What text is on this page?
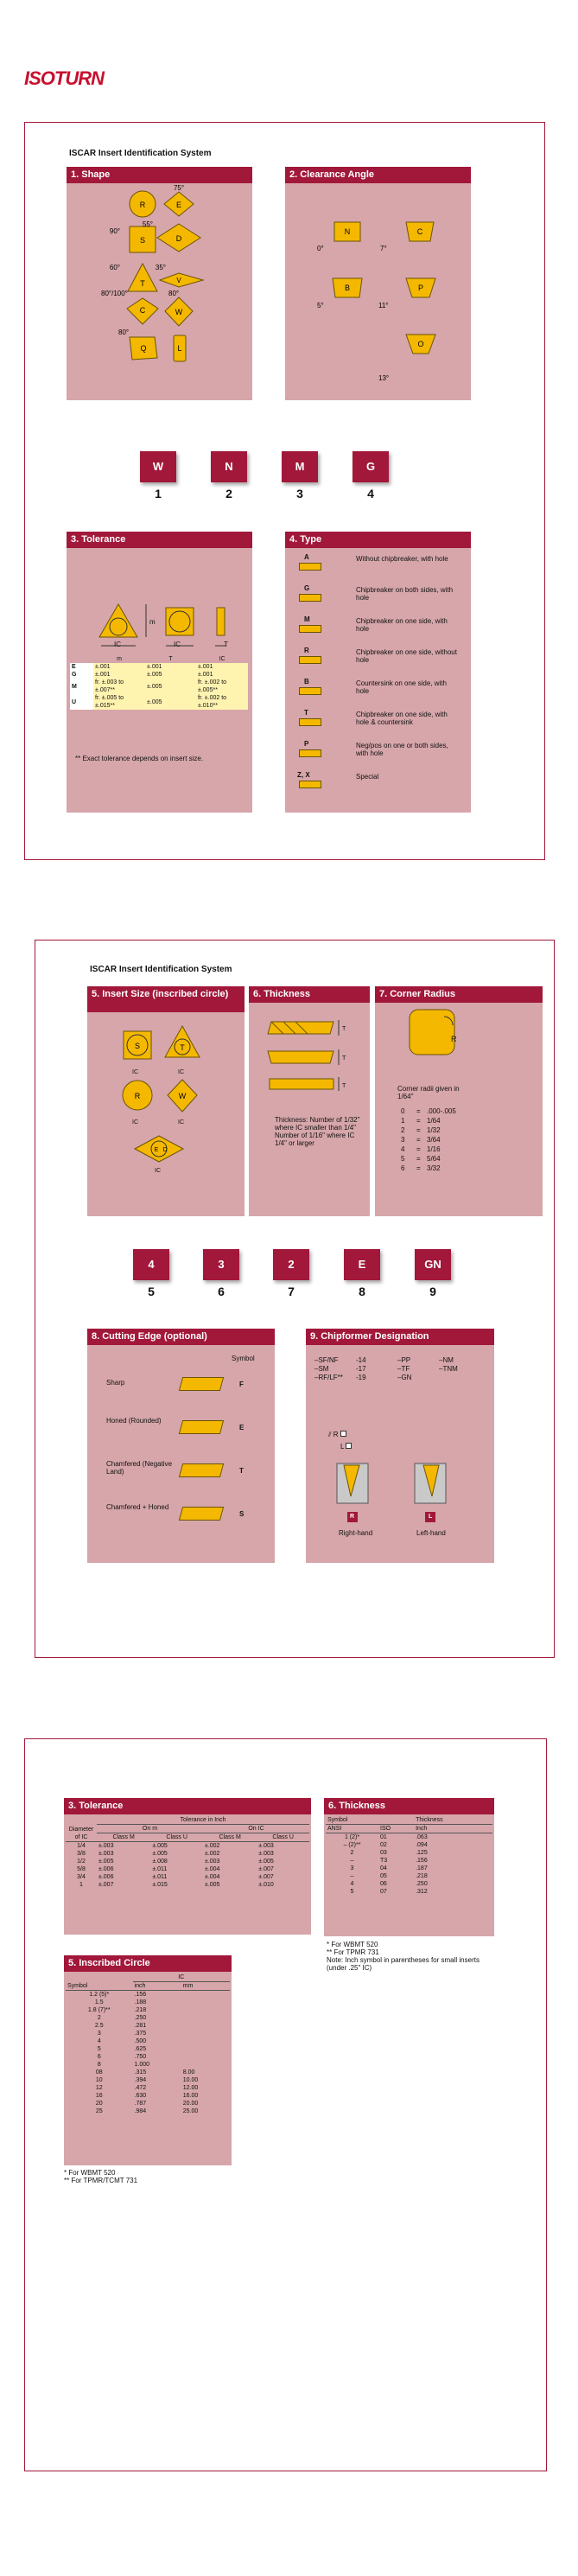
ISOTURN
ISCAR Insert Identification System
1. Shape
R	E
75°
S
90°
D
55°
T
60°
V
35°
C
80°/100°
W
80°
Q
80°
L
2. Clearance Angle
N
0°
C
7°
B
5°
P
11°
O
13°
W
1
N
2
M
3
G
4
3. Tolerance
m
IC	IC	T
	m	T	IC
E	±.001	±.001	±.001
G	±.001	±.005	±.001
M	fr. ±.003 to ±.007**	±.005	fr. ±.002 to ±.005**
U	fr. ±.005 to ±.015**	±.005	fr. ±.002 to ±.010**
** Exact tolerance depends on insert size.
4. Type
A	Without chipbreaker, with hole
G	Chipbreaker on both sides, with hole
M	Chipbreaker on one side, with hole
R	Chipbreaker on one side, without hole
B	Countersink on one side, with hole
T	Chipbreaker on one side, with hole & countersink
P	Neg/pos on one or both sides, with hole
Z, X	Special
ISCAR Insert Identification System
5. Insert Size (inscribed circle)
S	T
R	W
E D
IC	IC
IC	IC
IC
6. Thickness
T
T
T
Thickness: Number of 1/32" where IC smaller than 1/4" Number of 1/16" where IC 1/4" or larger
7. Corner Radius
R
Corner radii given in 1/64"
0 = .000-.005
1 = 1/64
2 = 1/32
3 = 3/64
4 = 1/16
5 = 5/64
6 = 3/32
4
5
3
6
2
7
E
8
GN
9
8. Cutting Edge (optional)
Symbol
Sharp	F
Honed (Rounded)
E
Chamfered (Negative Land)	T
Chamfered + Honed
S
9. Chipformer Designation
–SF/NF	-14	–PP	–NM
–SM	-17	–TF	–TNM
–RF/LF** -19	–GN
⫽ R
L
R	L
Right-hand	Left-hand
3. Tolerance
Diameter of IC	Tolerance in Inch			
	On m		On IC	
	Class M	Class U	Class M	Class U
1/4	±.003	±.005	±.002	±.003
3/8	±.003	±.005	±.002	±.003
1/2	±.005	±.008	±.003	±.005
5/8	±.006	±.011	±.004	±.007
3/4	±.006	±.011	±.004	±.007
1	±.007	±.015	±.005	±.010
6. Thickness
Symbol		Thickness
ANSI	ISO	Inch
1 (2)*	01	.063
– (2)**	02	.094
2	03	.125
–	T3	.156
3	04	.187
–	05	.218
4	06	.250
5	07	.312
* For WBMT 520
** For TPMR 731
Note: Inch symbol in parentheses for small inserts (under .25" IC)
5. Inscribed Circle
	IC	
Symbol	inch	mm
1.2 (5)*	.156	
1.5	.188	
1.8 (7)**	.218	
2	.250	
2.5	.281	
3	.375	
4	.500	
5	.625	
6	.750	
8	1.000	
08	.315	8.00
10	.394	10.00
12	.472	12.00
16	.630	16.00
20	.787	20.00
25	.984	25.00
* For WBMT 520
** For TPMR/TCMT 731
